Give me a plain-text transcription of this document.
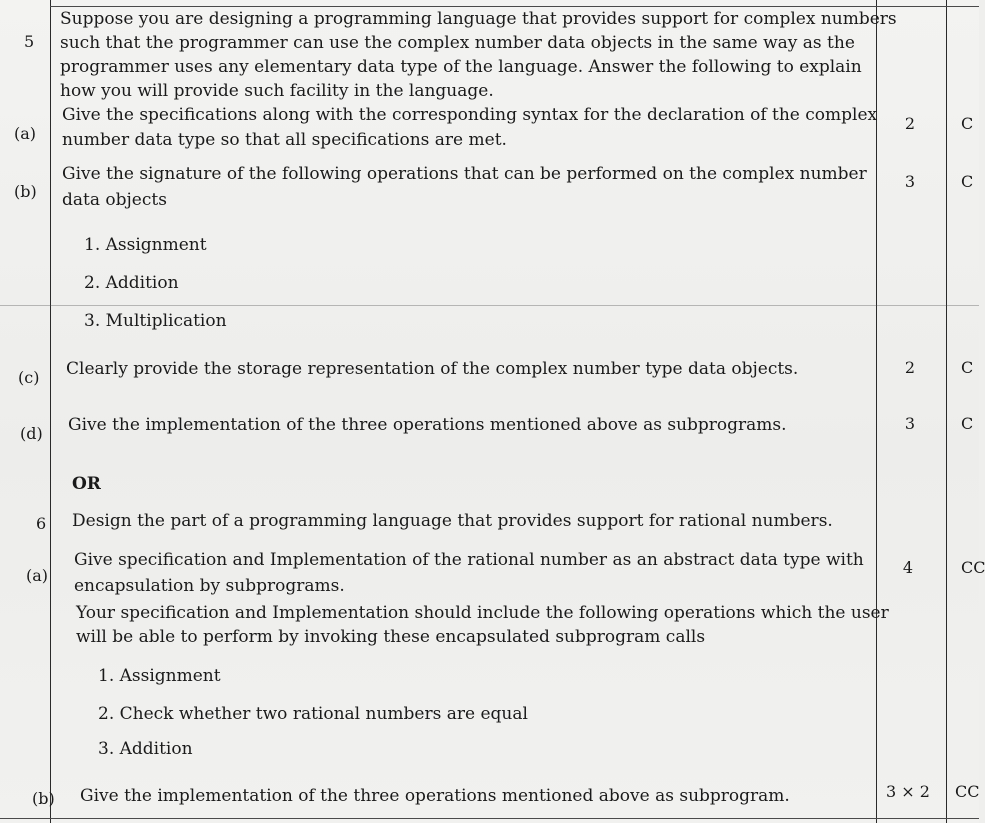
5
Suppose you are designing a programming language that provides support for complex numbers
such that the programmer can use the complex number data objects in the same way as the
programmer uses any elementary data type of the language. Answer the following to explain
how you will provide such facility in the language.
(a)
Give the specifications along with the corresponding syntax for the declaration of the complex
number data type so that all specifications are met.
2	C
(b)
Give the signature of the following operations that can be performed on the complex number
data objects
3	C
1. Assignment
2. Addition
3. Multiplication
(c) Clearly provide the storage representation of the complex number type data objects.	2	C
(d) Give the implementation of the three operations mentioned above as subprograms.	3	C
OR
6 Design the part of a programming language that provides support for rational numbers.
(a)
Give specification and Implementation of the rational number as an abstract data type with
encapsulation by subprograms.
4	CC
Your specification and Implementation should include the following operations which the user
will be able to perform by invoking these encapsulated subprogram calls
1. Assignment
2. Check whether two rational numbers are equal
3. Addition
(b) Give the implementation of the three operations mentioned above as subprogram.	3 × 2	CC
